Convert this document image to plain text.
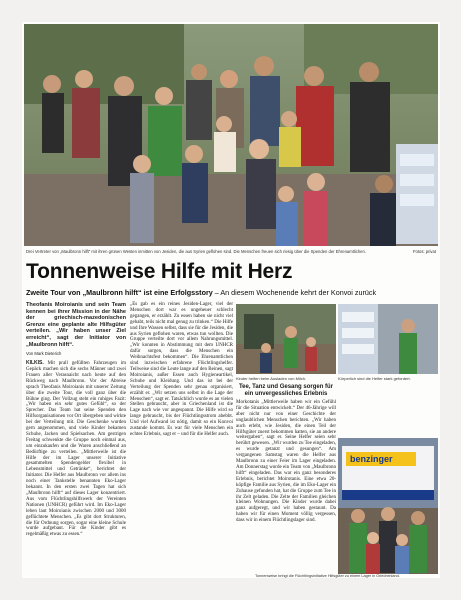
Drei Vertreter von „Maulbronn hilft“ mit ihren grünen Westen inmitten von Jesiden, die aus Syrien geflohen sind. Die Menschen freuen sich riesig über die Spenden der Ehrenamtlichen.	Fotos: privat
Tonnenweise Hilfe mit Herz
Zweite Tour von „Maulbronn hilft“ ist eine Erfolgsstory – An diesem Wochenende kehrt der Konvoi zurück
Theofanis Moiroianis und sein Team kennen bei ihrer Mission in der Nähe der griechisch-mazedonischen Grenze eine geplante alte Hilfsgüter verteilen. „Wir haben unser Ziel erreicht“, sagt der Initiator von „Maulbronn hilft“.
Von Mark Dieterich

KILKIS. Mit prall gefüllten Fahrzeugen im Gepäck machen sich die sechs Männer und zwei Frauen aller Verasnaicht nach heute auf den Rückweg nach Maulbronn. Vor der Abreise sprach Theofanis Moiroianis mit unserer Zeitung über die zweite Tour, die voll ganz über die Bühne ging. Der Vollzug steht ein ruhiges Fazit: „Wir haben ein sehr gutes Gefühl“, so der Sprecher. Das Team hat seine Spenden den Hilfsorganisationen vor Ort übergeben und wirkte bei der Verteilung mit. Die Geschenke wurden gern angenommen, und viele Kinder bekamen Schuhe, Jacken und Spielsachen. Am gestrigen Freitag schwenkte die Gruppe noch einmal aus, um einzukaufen und die Waren anschließend an Bedürftige zu verteilen. „Mittlerweile ist die Hilfe der im Lager unserer Initiative gesammelten Spendengelder flexibel in Lebensmittel und Getränke“, berichtet der Initiator. Die Helfer aus Maulbronn vor allem ins noch einer Tankstelle benannten Eko-Lager bekannt. In den ersten zwei Tagen hat sich „Maulbronn hilft“ auf dieses Lager konzentriert. Aus vom Flüchtlingshilfswerk der Vereinten Nationen (UNHCR) geführt wird. Im Eko-Lager leben laut Moiroianis zwischen 2000 und 3000 geflüchtete Menschen. „Es gibt dort Strukturen, die für Ordnung sorgen, sogar eine kleine Schule wurde aufgebaut. Für die Kinder gibt es regelmäßig etwas zu essen.“

„Es gab es ein reines Jesiden-Lager, viel der Menschen dort war es ungeheuer schlecht gegangen, er erzählt. Zu essen haben sie nicht viel gehabt, teils nicht mal genug zu trinken.“ Die Hilfe und Ihre Wassen selbst, dass sie für die Jesiden, die aus Syrien geflohen waren, etwas tun wollten. Die Gruppe verteilte dort vor allem Nahrungsmittel. „Wir konnten in Abstimmung mit dem UNHCR dafür sorgen, dass die Menschen ein Weihnachtsfest bekommen“. Die Ehrenamtlichen sind inzwischen erfahrene Flüchtlingshelfer. Teilweise sind die Leute lange auf den Beinen, sagt Moiroianis, außer Essen auch Hygieneartikel, Schuhe und Kleidung. Und das ist bei der Verteilung der Spenden sehr genau organisiert, erzählt er. „Wir setzen uns selbst in die Lage der Menschen“, sagt er. Tatsächlich wurde es an vielen Stellen gebraucht, aber in Griechenland ist die Lage nach wie vor angespannt. Die Hilfe wird so lange gebraucht, bis der Flüchtlingsstrom abebbt. Und viel Aufwand ist nötig, damit so ein Konvoi zustande kommt. Es war für viele Menschen ein echtes Erlebnis, sagt er – und für die Helfer auch.

Kinder helfen beim Ausladen von Milch.	Körperlich sind die Helfer stark gefordert.
Tee, Tanz und Gesang sorgen für ein unvergessliches Erlebnis

Morkotanis „Mittlerweile haben wir ein Gefühl für die Situation entwickelt.“ Der 46-Jährige will aber nicht nur von einer Geschichte der unglaublichen Menschen berichten. „Wir haben auch erlebt, wie Jesiden, die einen Teil der Hilfsgüter zuerst bekommen hatten, sie an andere weitergaben“, sagt er. Seine Helfer seien sehr berührt gewesen. „Wir wurden zu Tee eingeladen, es wurde getanzt und gesungen“. Am vergangenen Samstag waren die Helfer aus Maulbronn zu einer Feier im Lager eingeladen. Am Donnerstag wurde ein Team von „Maulbronn hilft“ eingeladen. Das war ein ganz besonderes Erlebnis, berichtet Moirotanis. Eine etwa 20-köpfige Familie aus Syrien, die im Eko-Lager ein Zuhause gefunden hat, hat die Gruppe zum Tee in ihr Zelt geladen. Die Zelte der Familien gleichen kleinen Wohnungen. Die Kinder wurde dabei ganz aufgeregt, und wir haben gestaunt. Da haben wir für einen Moment völlig vergessen, dass wir in einem Flüchtlingslager sind.

benzinger
Tonnenweise bringt die Flüchtlingsinitiative Hilfsgüter zu einem Lager in Griechenland.
